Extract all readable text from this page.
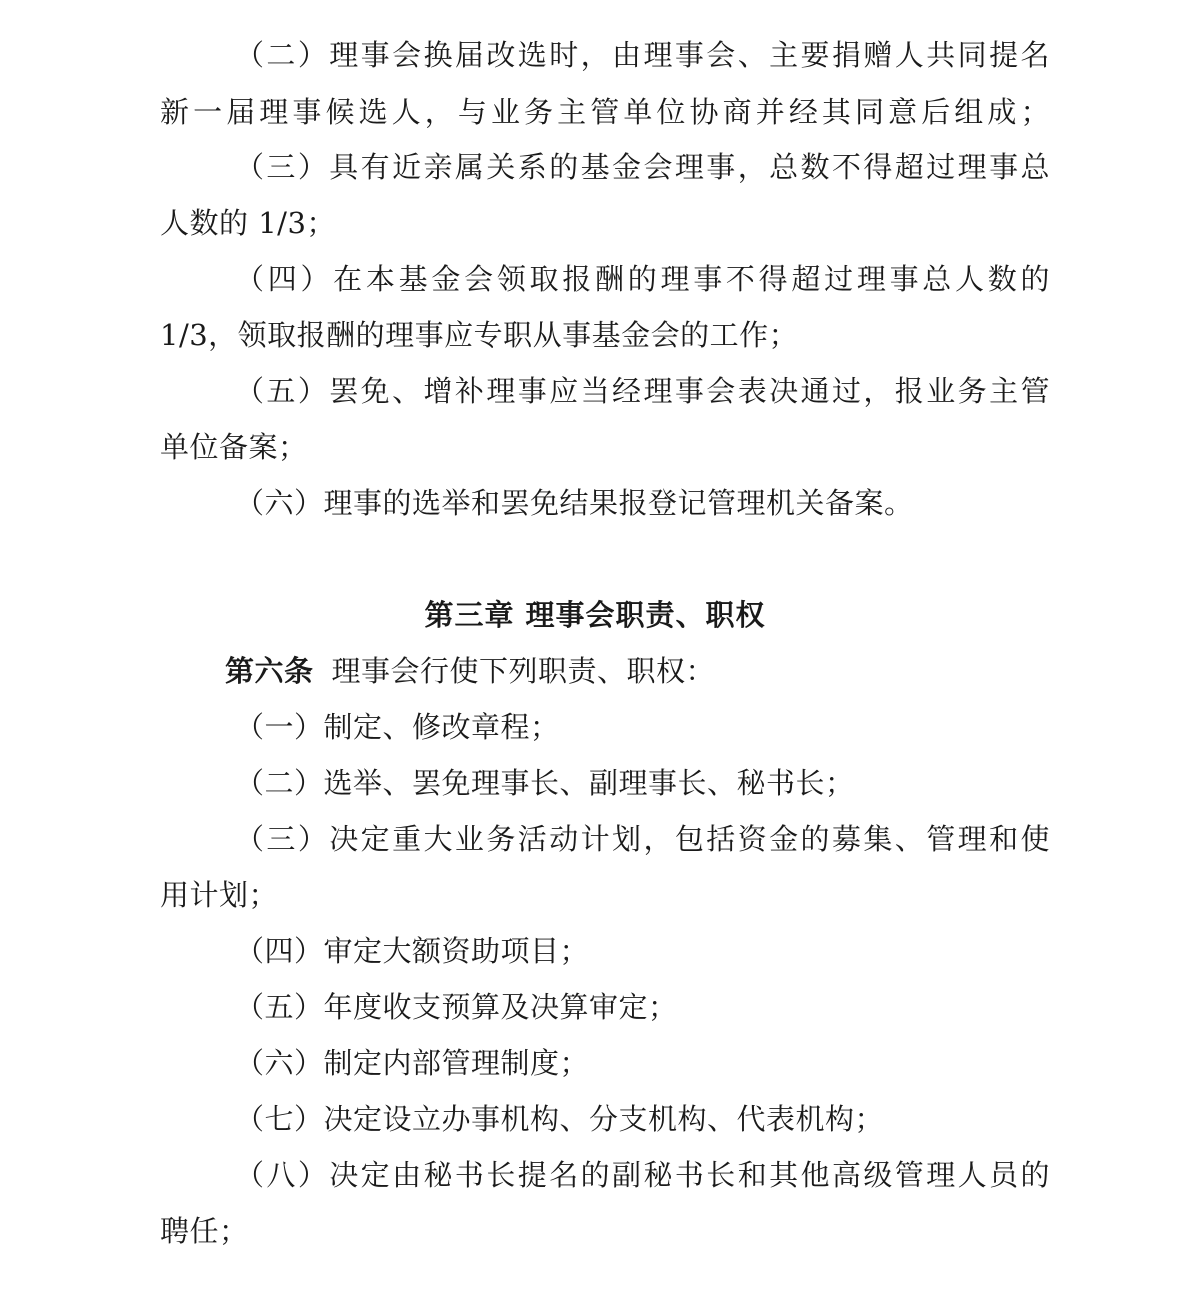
（二）理事会换届改选时，由理事会、主要捐赠人共同提名
新一届理事候选人，与业务主管单位协商并经其同意后组成；
（三）具有近亲属关系的基金会理事，总数不得超过理事总
人数的 1/3；
（四）在本基金会领取报酬的理事不得超过理事总人数的
1/3，领取报酬的理事应专职从事基金会的工作；
（五）罢免、增补理事应当经理事会表决通过，报业务主管
单位备案；
（六）理事的选举和罢免结果报登记管理机关备案。
第三章 理事会职责、职权
第六条 理事会行使下列职责、职权：
（一）制定、修改章程；
（二）选举、罢免理事长、副理事长、秘书长；
（三）决定重大业务活动计划，包括资金的募集、管理和使
用计划；
（四）审定大额资助项目；
（五）年度收支预算及决算审定；
（六）制定内部管理制度；
（七）决定设立办事机构、分支机构、代表机构；
（八）决定由秘书长提名的副秘书长和其他高级管理人员的
聘任；
